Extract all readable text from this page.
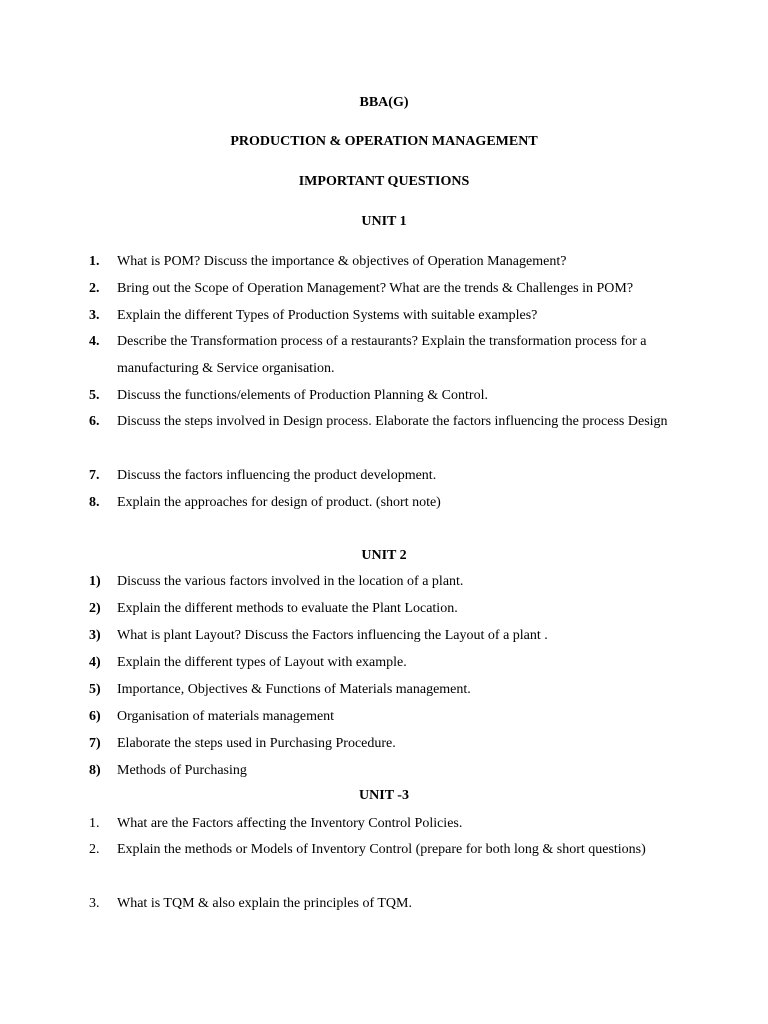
BBA(G)
PRODUCTION & OPERATION MANAGEMENT
IMPORTANT QUESTIONS
UNIT 1
1.	What is POM? Discuss the importance & objectives of Operation Management?
2.	Bring out the Scope of Operation Management? What are the trends & Challenges in POM?
3.	Explain the different Types of Production Systems with suitable examples?
4.	Describe the Transformation process of a restaurants? Explain the transformation process for a manufacturing & Service organisation.
5.	Discuss the functions/elements of Production Planning & Control.
6.	Discuss the steps involved in Design process. Elaborate the factors influencing the process Design
7.	Discuss the factors influencing the product development.
8.	Explain the approaches for design of product. (short note)
UNIT 2
1)	Discuss the various factors involved in the location of a plant.
2)	Explain the different methods to evaluate the Plant Location.
3)	What is plant Layout? Discuss the Factors influencing the Layout of a plant .
4)	Explain the different types of Layout with example.
5)	Importance, Objectives & Functions of Materials management.
6)	Organisation of materials management
7)	Elaborate the steps used in Purchasing Procedure.
8)	Methods of Purchasing
UNIT -3
1.	What are the Factors affecting the Inventory Control Policies.
2.	Explain the methods or Models of Inventory Control (prepare for both long & short questions)
3.	What is TQM & also explain the principles of TQM.
